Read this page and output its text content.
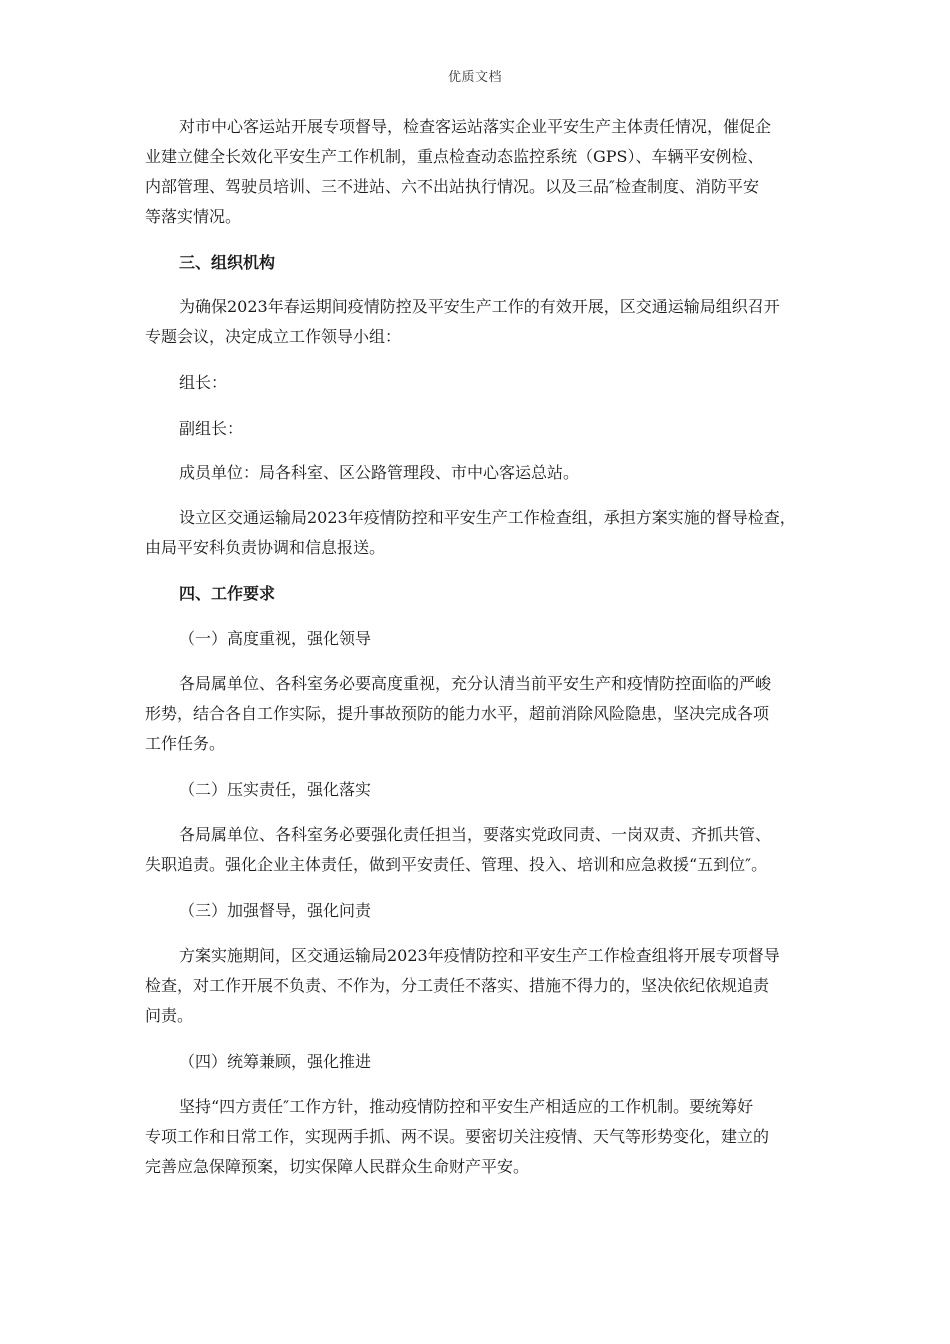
优质文档

对市中心客运站开展专项督导，检查客运站落实企业平安生产主体责任情况，催促企

业建立健全长效化平安生产工作机制，重点检查动态监控系统（GPS）、车辆平安例检、

内部管理、驾驶员培训、三不进站、六不出站执行情况。以及三品″检查制度、消防平安

等落实情况。

三、组织机构

为确保2023年春运期间疫情防控及平安生产工作的有效开展，区交通运输局组织召开

专题会议，决定成立工作领导小组：

组长：

副组长：

成员单位：局各科室、区公路管理段、市中心客运总站。

设立区交通运输局2023年疫情防控和平安生产工作检查组，承担方案实施的督导检查，

由局平安科负责协调和信息报送。

四、工作要求

（一）高度重视，强化领导

各局属单位、各科室务必要高度重视，充分认清当前平安生产和疫情防控面临的严峻

形势，结合各自工作实际，提升事故预防的能力水平，超前消除风险隐患，坚决完成各项

工作任务。

（二）压实责任，强化落实

各局属单位、各科室务必要强化责任担当，要落实党政同责、一岗双责、齐抓共管、

失职追责。强化企业主体责任，做到平安责任、管理、投入、培训和应急救援“五到位″。

（三）加强督导，强化问责

方案实施期间，区交通运输局2023年疫情防控和平安生产工作检查组将开展专项督导

检查，对工作开展不负责、不作为，分工责任不落实、措施不得力的，坚决依纪依规追责

问责。

（四）统筹兼顾，强化推进

坚持“四方责任″工作方针，推动疫情防控和平安生产相适应的工作机制。要统筹好

专项工作和日常工作，实现两手抓、两不误。要密切关注疫情、天气等形势变化，建立的

完善应急保障预案，切实保障人民群众生命财产平安。
